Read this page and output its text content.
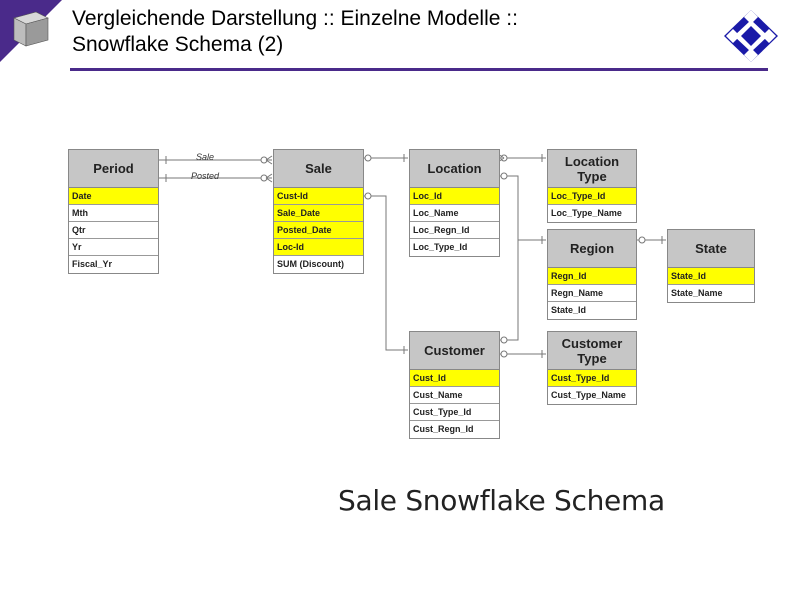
Vergleichende Darstellung :: Einzelne Modelle ::
Snowflake Schema (2)
Sale
Posted
Period
Date
Mth
Qtr
Yr
Fiscal_Yr
Sale
Cust-Id
Sale_Date
Posted_Date
Loc-Id
SUM (Discount)
Location
Loc_Id
Loc_Name
Loc_Regn_Id
Loc_Type_Id
Location Type
Loc_Type_Id
Loc_Type_Name
Region
Regn_Id
Regn_Name
State_Id
State
State_Id
State_Name
Customer
Cust_Id
Cust_Name
Cust_Type_Id
Cust_Regn_Id
Customer Type
Cust_Type_Id
Cust_Type_Name
Sale Snowflake Schema
